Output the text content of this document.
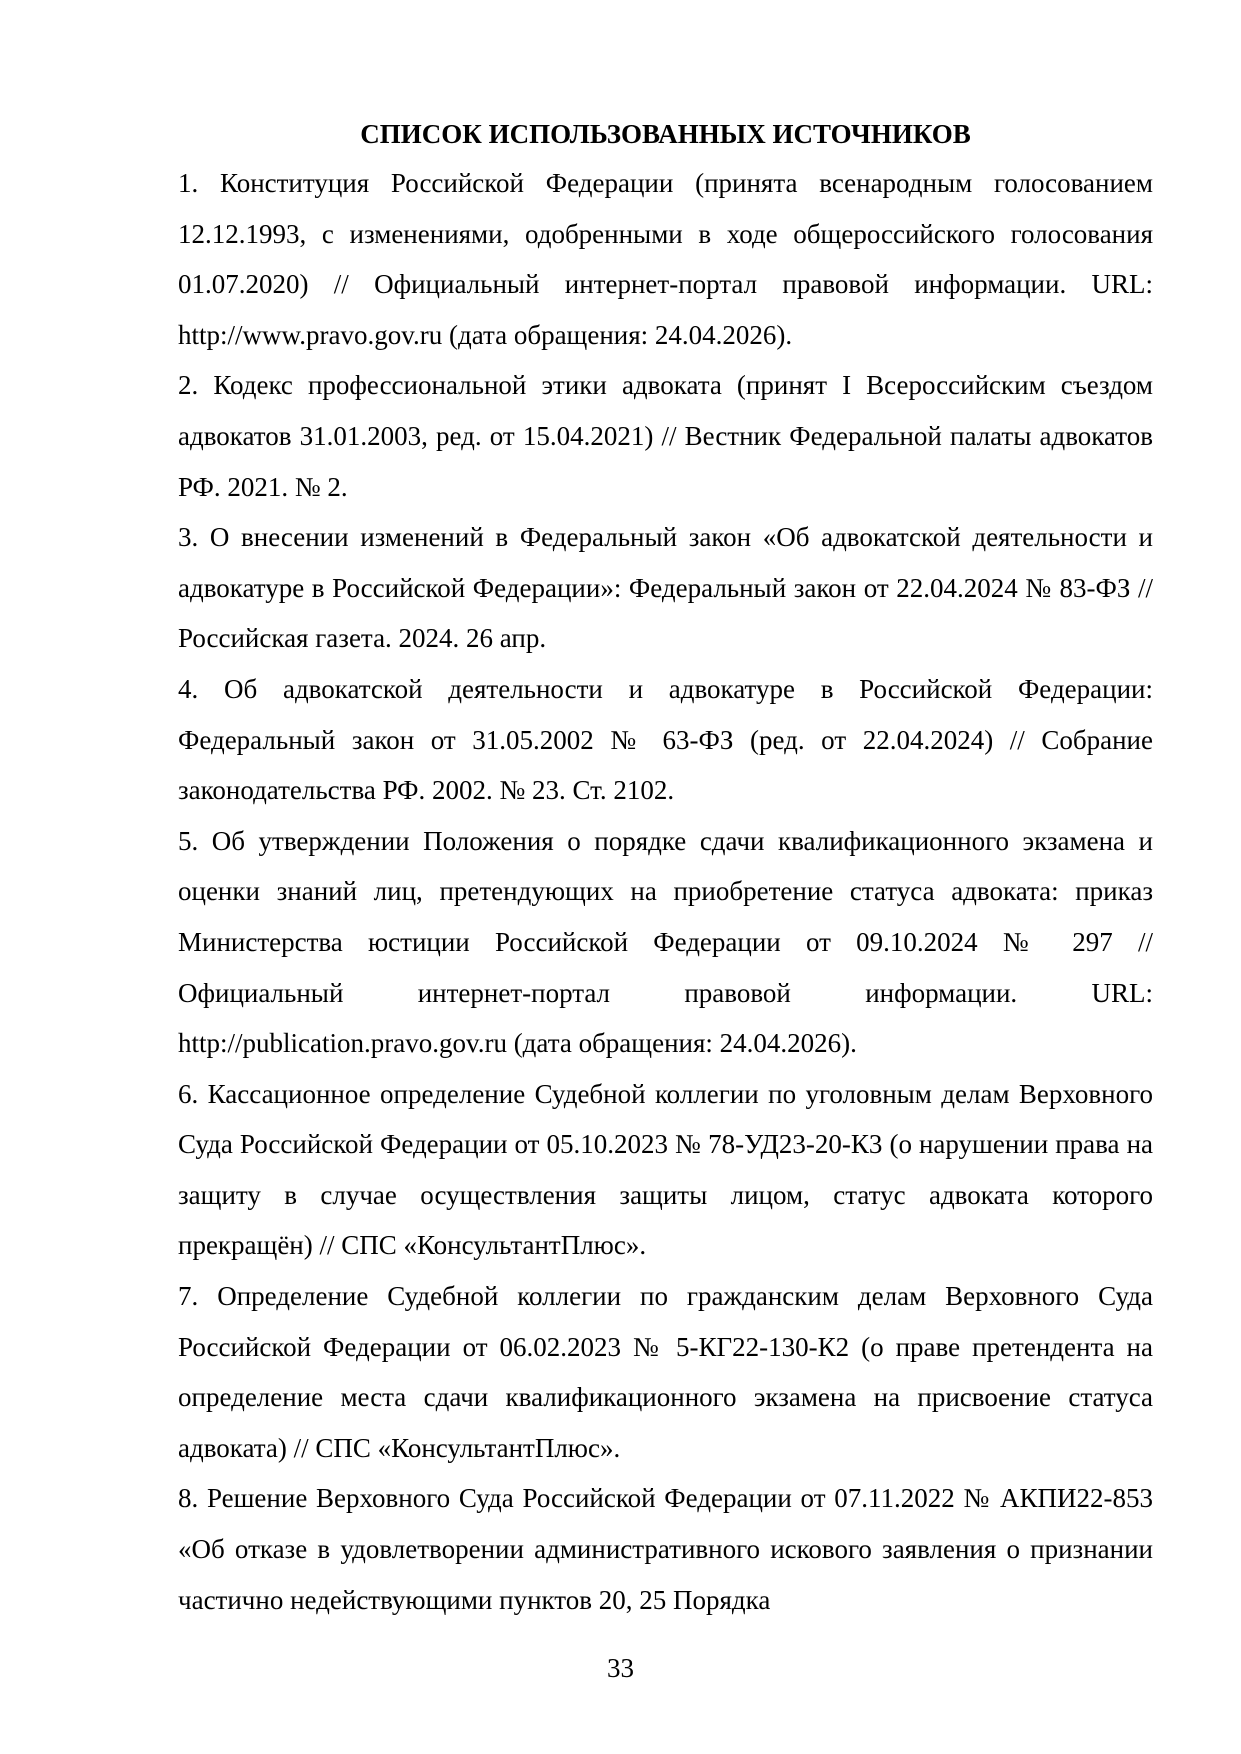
СПИСОК ИСПОЛЬЗОВАННЫХ ИСТОЧНИКОВ
1. Конституция Российской Федерации (принята всенародным голосованием 12.12.1993, с изменениями, одобренными в ходе общероссийского голосования 01.07.2020) // Официальный интернет-портал правовой информации. URL: http://www.pravo.gov.ru (дата обращения: 24.04.2026).
2. Кодекс профессиональной этики адвоката (принят I Всероссийским съездом адвокатов 31.01.2003, ред. от 15.04.2021) // Вестник Федеральной палаты адвокатов РФ. 2021. № 2.
3. О внесении изменений в Федеральный закон «Об адвокатской деятельности и адвокатуре в Российской Федерации»: Федеральный закон от 22.04.2024 № 83-ФЗ // Российская газета. 2024. 26 апр.
4. Об адвокатской деятельности и адвокатуре в Российской Федерации: Федеральный закон от 31.05.2002 № 63-ФЗ (ред. от 22.04.2024) // Собрание законодательства РФ. 2002. № 23. Ст. 2102.
5. Об утверждении Положения о порядке сдачи квалификационного экзамена и оценки знаний лиц, претендующих на приобретение статуса адвоката: приказ Министерства юстиции Российской Федерации от 09.10.2024 № 297 // Официальный интернет-портал правовой информации. URL: http://publication.pravo.gov.ru (дата обращения: 24.04.2026).
6. Кассационное определение Судебной коллегии по уголовным делам Верховного Суда Российской Федерации от 05.10.2023 № 78-УД23-20-К3 (о нарушении права на защиту в случае осуществления защиты лицом, статус адвоката которого прекращён) // СПС «КонсультантПлюс».
7. Определение Судебной коллегии по гражданским делам Верховного Суда Российской Федерации от 06.02.2023 № 5-КГ22-130-К2 (о праве претендента на определение места сдачи квалификационного экзамена на присвоение статуса адвоката) // СПС «КонсультантПлюс».
8. Решение Верховного Суда Российской Федерации от 07.11.2022 № АКПИ22-853 «Об отказе в удовлетворении административного искового заявления о признании частично недействующими пунктов 20, 25 Порядка
33
